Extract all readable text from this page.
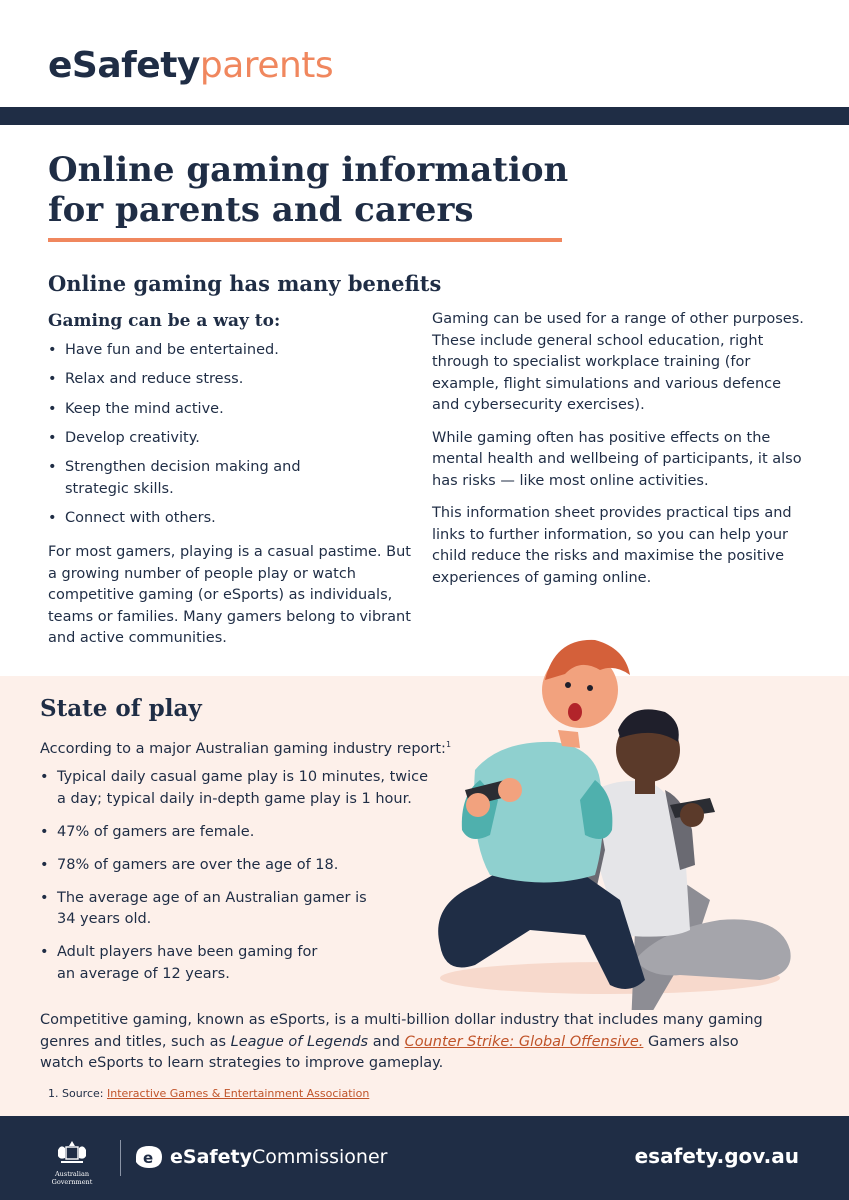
eSafetyparents
Online gaming information
for parents and carers
Online gaming has many benefits
Gaming can be a way to:
• Have fun and be entertained.
• Relax and reduce stress.
• Keep the mind active.
• Develop creativity.
• Strengthen decision making and strategic skills.
• Connect with others.

For most gamers, playing is a casual pastime. But a growing number of people play or watch competitive gaming (or eSports) as individuals, teams or families. Many gamers belong to vibrant and active communities.

Gaming can be used for a range of other purposes. These include general school education, right through to specialist workplace training (for example, flight simulations and various defence and cybersecurity exercises).

While gaming often has positive effects on the mental health and wellbeing of participants, it also has risks — like most online activities.

This information sheet provides practical tips and links to further information, so you can help your child reduce the risks and maximise the positive experiences of gaming online.

State of play

According to a major Australian gaming industry report:$^1$

• Typical daily casual game play is 10 minutes, twice a day; typical daily in-depth game play is 1 hour.
• 47% of gamers are female.
• 78% of gamers are over the age of 18.
• The average age of an Australian gamer is 34 years old.
• Adult players have been gaming for an average of 12 years.

Competitive gaming, known as eSports, is a multi-billion dollar industry that includes many gaming genres and titles, such as League of Legends and Counter Strike: Global Offensive. Gamers also watch eSports to learn strategies to improve gameplay.

1. Source: Interactive Games & Entertainment Association

Australian Government
e eSafetyCommissioner	esafety.gov.au
